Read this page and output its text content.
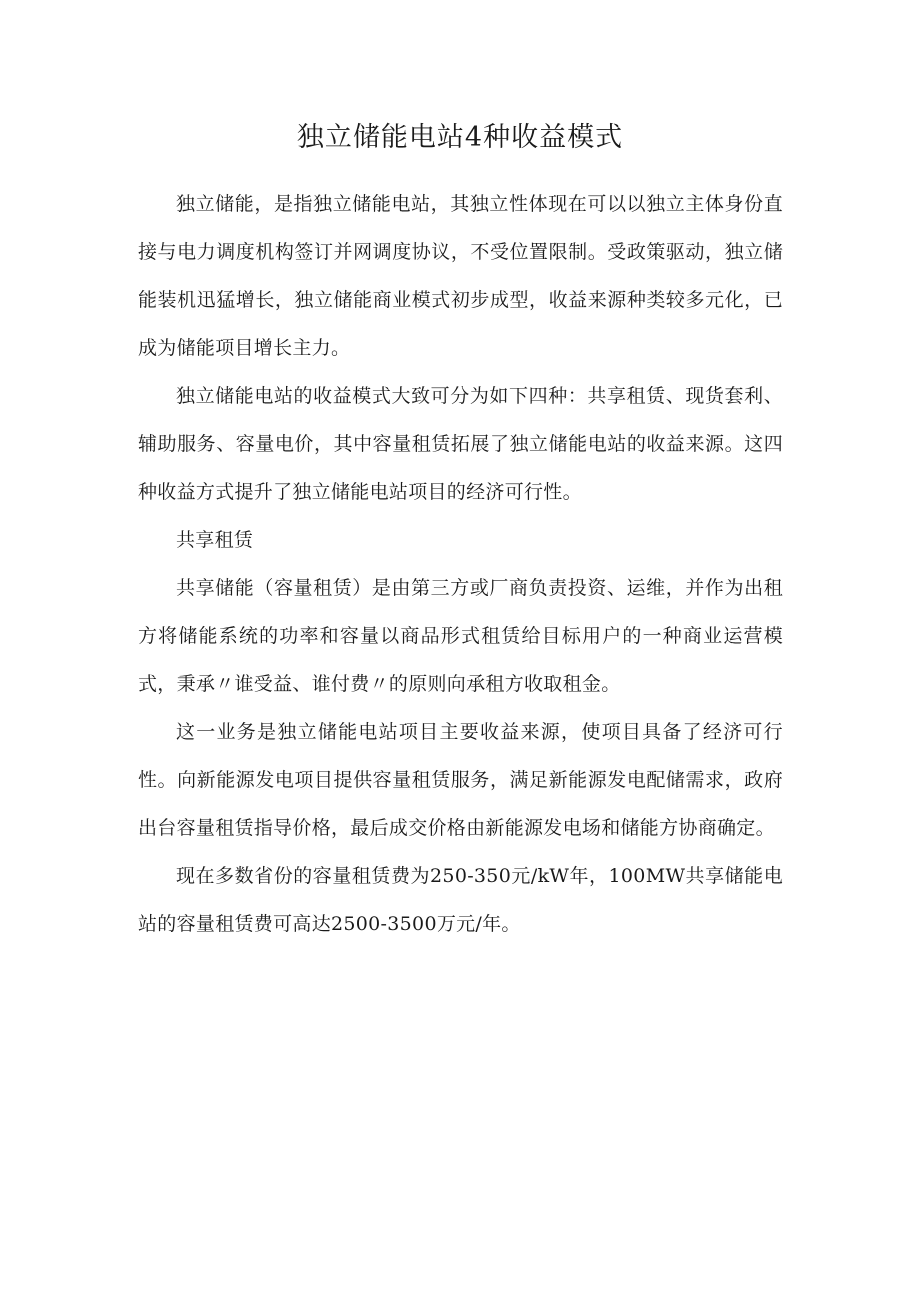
独立储能电站4种收益模式

独立储能，是指独立储能电站，其独立性体现在可以以独立主体身份直接与电力调度机构签订并网调度协议，不受位置限制。受政策驱动，独立储能装机迅猛增长，独立储能商业模式初步成型，收益来源种类较多元化，已成为储能项目增长主力。

独立储能电站的收益模式大致可分为如下四种：共享租赁、现货套利、辅助服务、容量电价，其中容量租赁拓展了独立储能电站的收益来源。这四种收益方式提升了独立储能电站项目的经济可行性。

共享租赁

共享储能（容量租赁）是由第三方或厂商负责投资、运维，并作为出租方将储能系统的功率和容量以商品形式租赁给目标用户的一种商业运营模式，秉承〃谁受益、谁付费〃的原则向承租方收取租金。

这一业务是独立储能电站项目主要收益来源，使项目具备了经济可行性。向新能源发电项目提供容量租赁服务，满足新能源发电配储需求，政府出台容量租赁指导价格，最后成交价格由新能源发电场和储能方协商确定。

现在多数省份的容量租赁费为250-350元/kW年，100MW共享储能电站的容量租赁费可高达2500-3500万元/年。
